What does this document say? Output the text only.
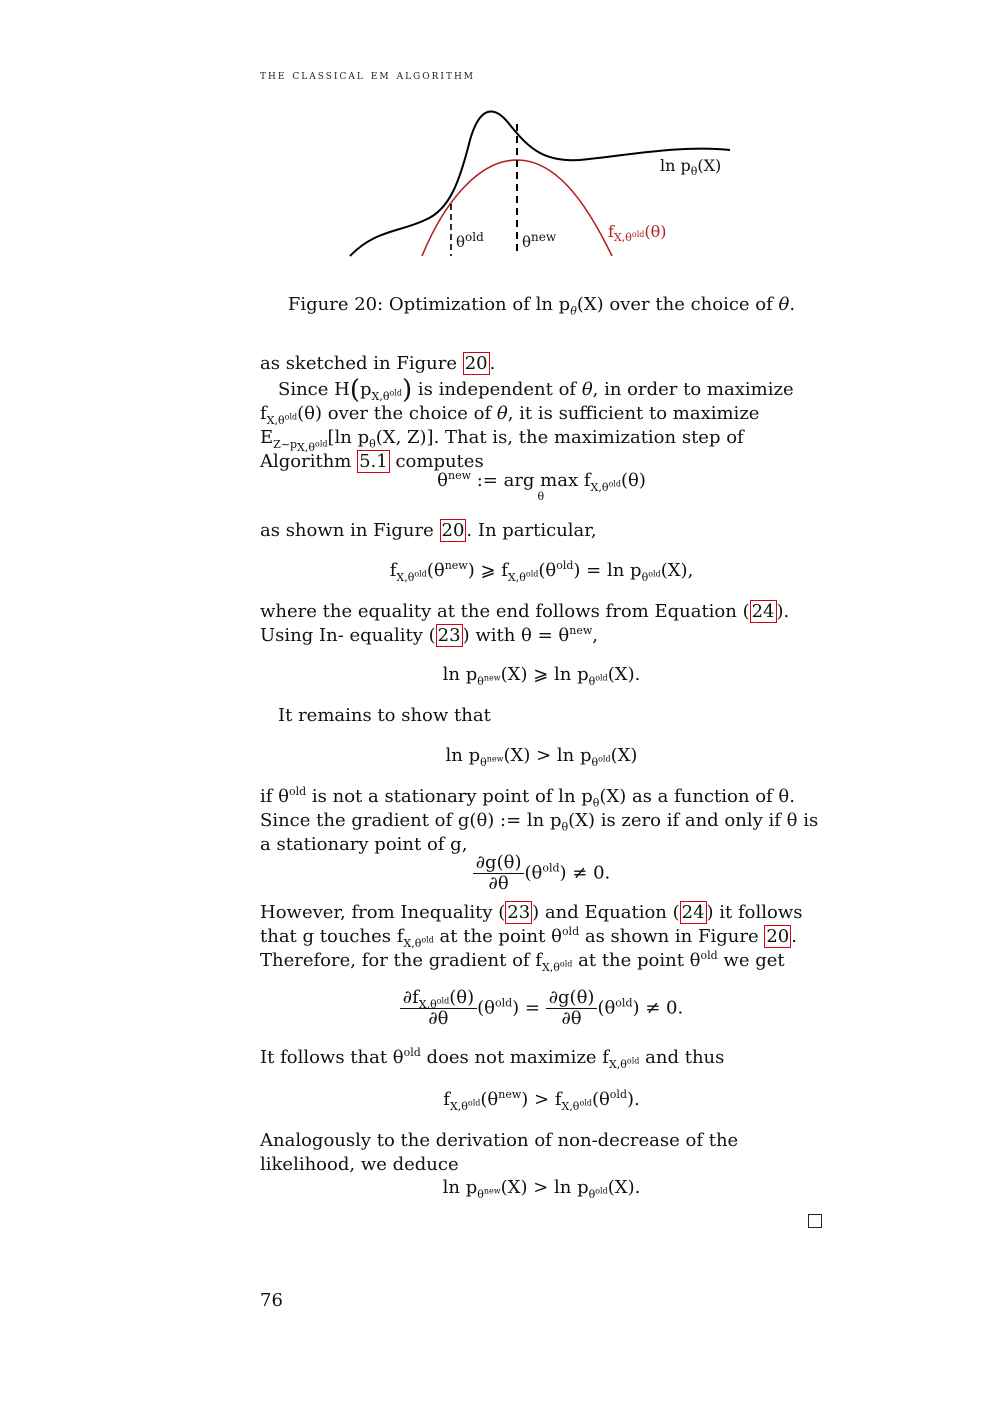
the classical em algorithm
$\theta^{old}$	$\theta^{new}$
$\ln p_\theta(X)$
$f_{X,\theta}^{old}(\theta)$
Figure 20: Optimization of $\ln p_\theta(X)$ over the choice of θ.
as sketched in Figure 20 .
Since $H(p_{X,\theta^{old}})$ is independent of θ, in order to maximize $f_{X,\theta^{old}}(\theta)$ over the choice of θ, it is sufficient to maximize $E_{Z\sim p_{X,\theta^{old}}}[\ln$ $p_\theta(X$, Z)]. That is, the maximization step of Algorithm 5.1 computes
$\theta^{new}$ := arg max
θ
$f_{X,\theta^{old}}(\theta)$
as shown in Figure 20 . In particular,
$f_{X,\theta^{old}}(\theta^{new})$ ⩾ $f_{X,\theta^{old}}(\theta^{old}) = \ln p_{\theta^{old}}(X)$,
where the equality at the end follows from Equation ( 24 ). Using In- equality ( 23 ) with $\theta = \theta^{new}$,
$\ln p_{\theta^{new}}(X)$ ⩾ $\ln p_{\theta^{old}}(X)$.
It remains to show that
$\ln p_{\theta^{new}}(X) > \ln p_{\theta^{old}}(X)$
if $\theta^{old}$ is not a stationary point of $\ln p_\theta(X)$ as a function of θ. Since the gradient of g(θ) := $\ln p_\theta(X)$ is zero if and only if θ is a stationary point of g,
$\frac{\partial g(\theta)}{\partial\theta} (\theta^{old}) \ne 0$.
However, from Inequality ( 23 ) and Equation ( 24 ) it follows that g touches $f_{X,\theta^{old}}$ at the point $\theta^{old}$ as shown in Figure 20 . Therefore, for the gradient of $f_{X,\theta^{old}}$ at the point $\theta^{old}$ we get
$\frac{\partial f_{X,\theta^{old}}(\theta)}{\partial\theta} (\theta^{old}) = \frac{\partial g(\theta)}{\partial\theta} (\theta^{old}) \ne 0$.
It follows that $\theta^{old}$ does not maximize $f_{X,\theta^{old}}$ and thus
$f_{X,\theta^{old}}(\theta^{new}) > f_{X,\theta^{old}}(\theta^{old})$.
Analogously to the derivation of non-decrease of the likelihood, we deduce
$\ln p_{\theta^{new}}(X) > \ln p_{\theta^{old}}(X)$.
76
